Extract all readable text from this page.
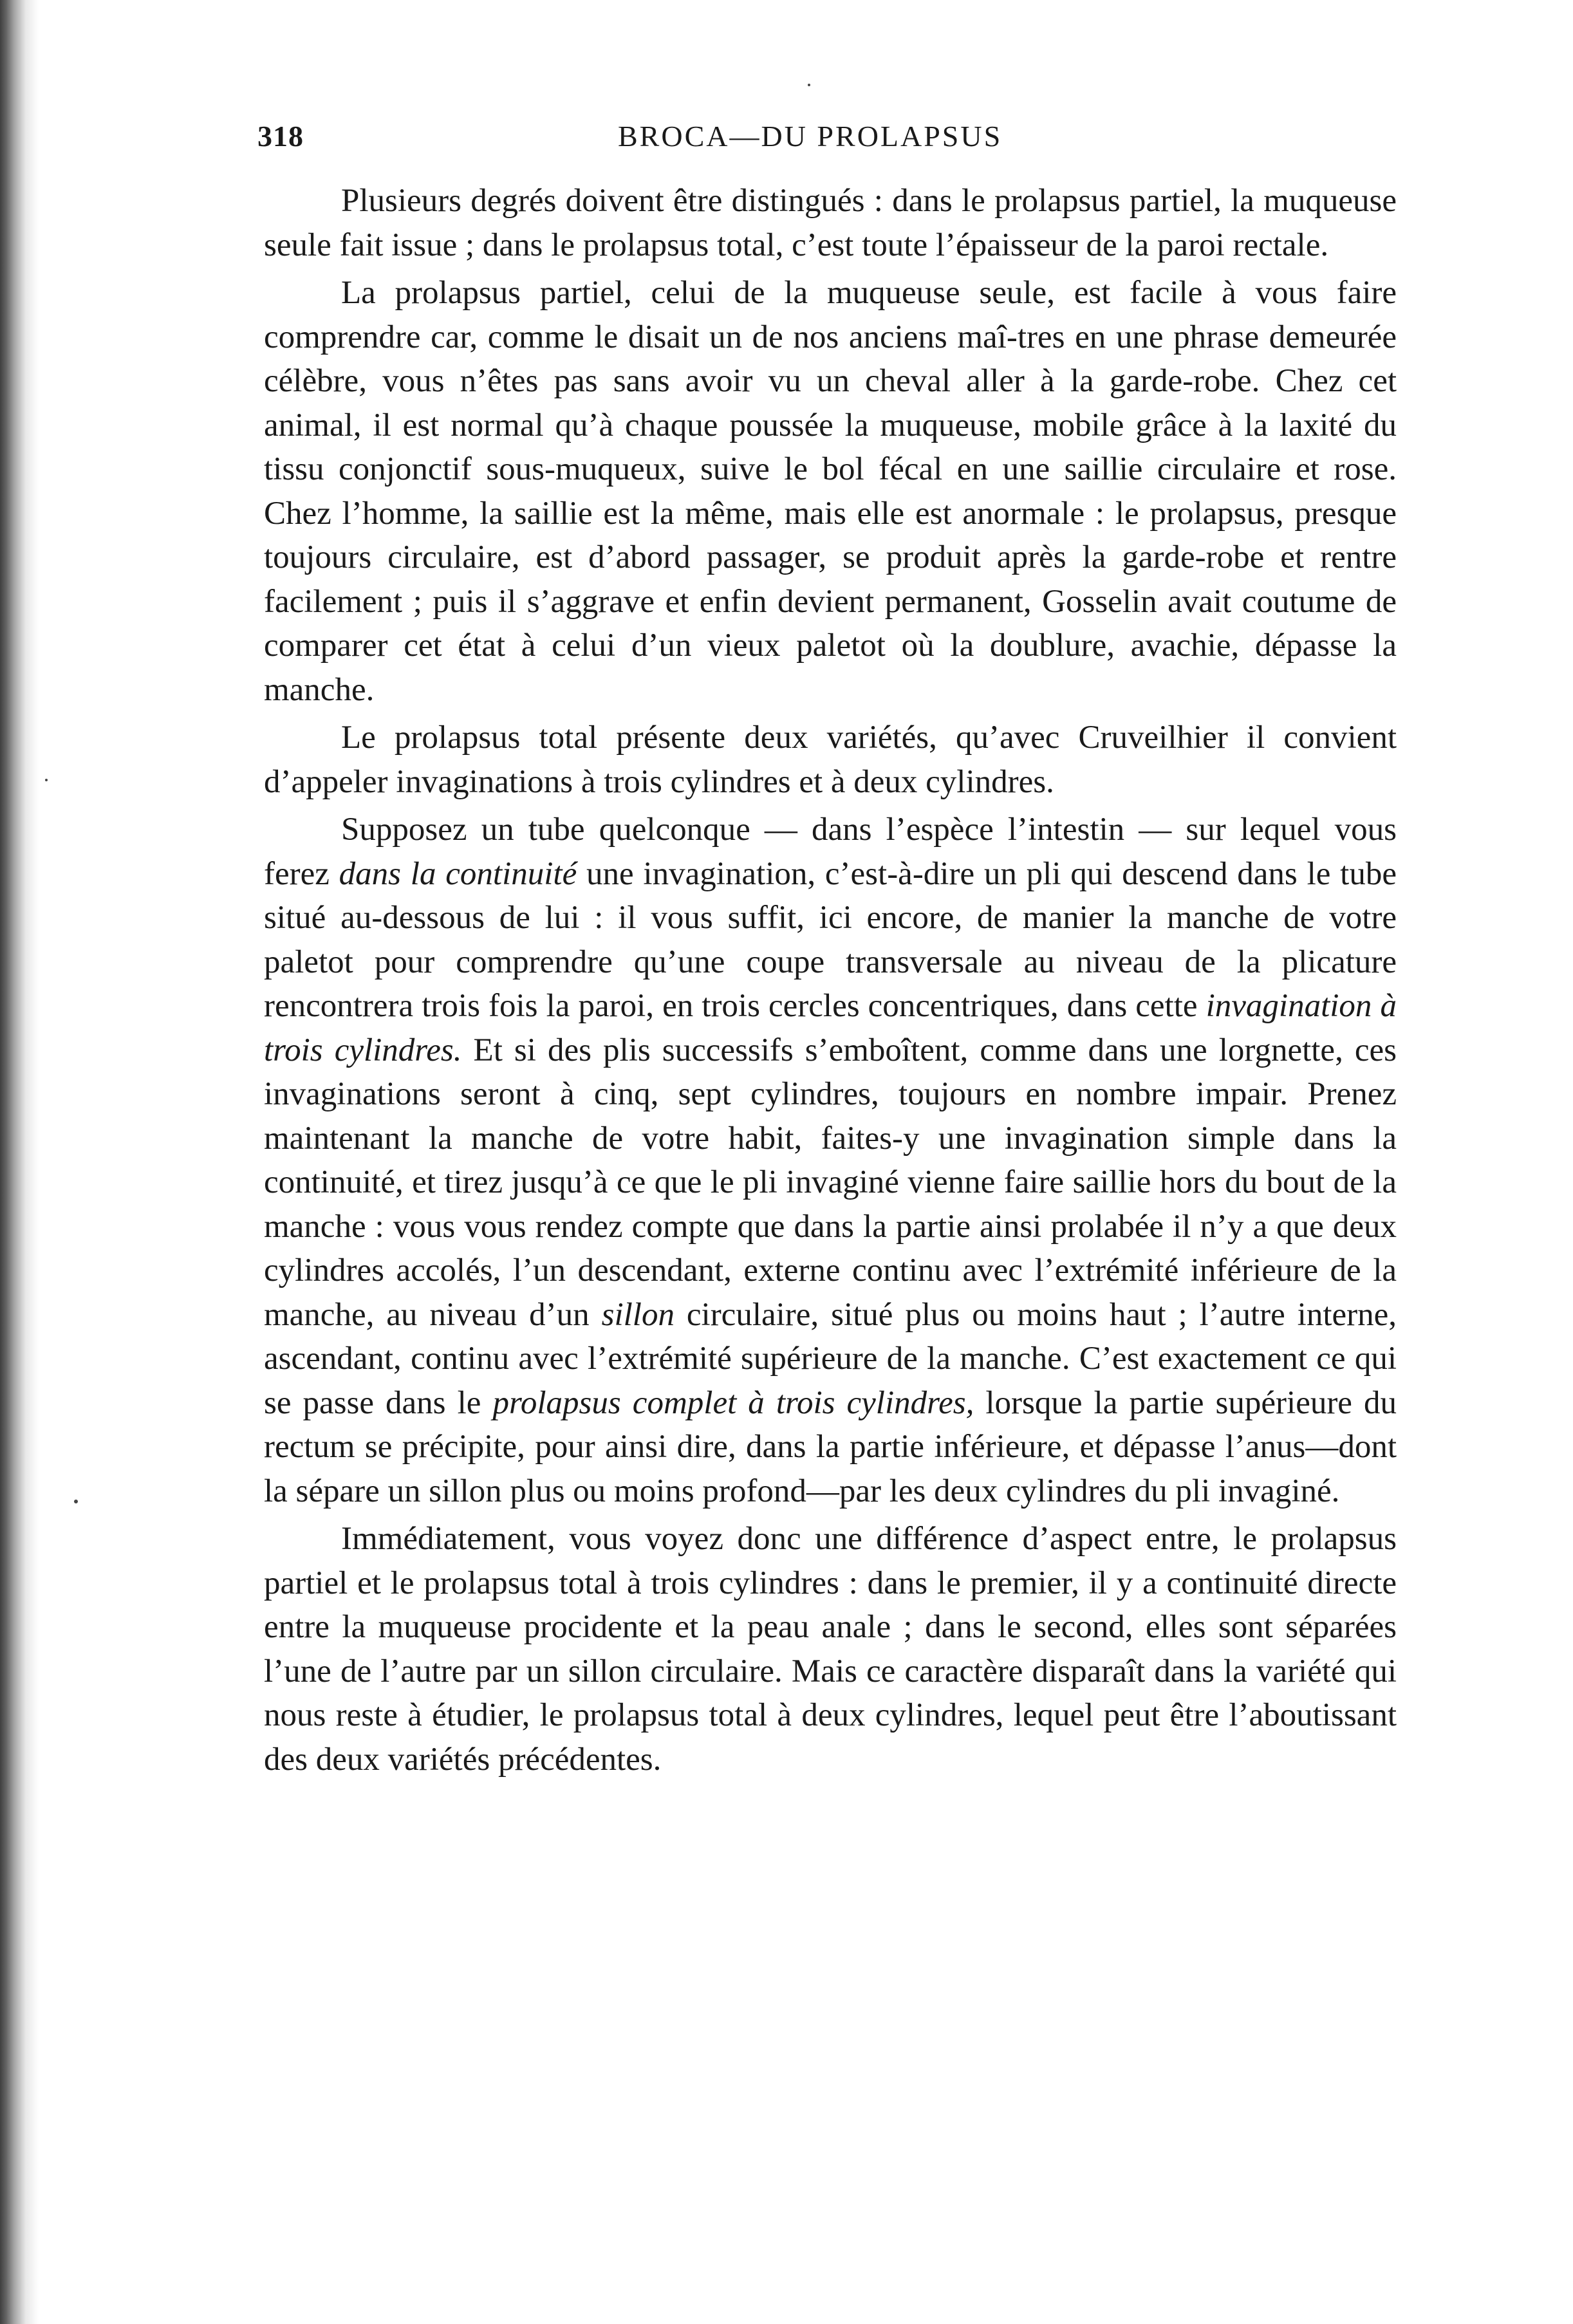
318	BROCA—DU PROLAPSUS

Plusieurs degrés doivent être distingués : dans le prolapsus partiel, la muqueuse seule fait issue ; dans le prolapsus total, c’est toute l’épaisseur de la paroi rectale.

La prolapsus partiel, celui de la muqueuse seule, est facile à vous faire comprendre car, comme le disait un de nos anciens maî-tres en une phrase demeurée célèbre, vous n’êtes pas sans avoir vu un cheval aller à la garde-robe. Chez cet animal, il est normal qu’à chaque poussée la muqueuse, mobile grâce à la laxité du tissu conjonctif sous-muqueux, suive le bol fécal en une saillie circulaire et rose. Chez l’homme, la saillie est la même, mais elle est anormale : le prolapsus, presque toujours circulaire, est d’abord passager, se produit après la garde-robe et rentre facilement ; puis il s’aggrave et enfin devient permanent, Gosselin avait coutume de comparer cet état à celui d’un vieux paletot où la doublure, avachie, dépasse la manche.

Le prolapsus total présente deux variétés, qu’avec Cruveilhier il convient d’appeler invaginations à trois cylindres et à deux cylindres.

Supposez un tube quelconque — dans l’espèce l’intestin — sur lequel vous ferez dans la continuité une invagination, c’est-à-dire un pli qui descend dans le tube situé au-dessous de lui : il vous suffit, ici encore, de manier la manche de votre paletot pour comprendre qu’une coupe transversale au niveau de la plicature rencontrera trois fois la paroi, en trois cercles concentriques, dans cette invagination à trois cylindres. Et si des plis successifs s’emboîtent, comme dans une lorgnette, ces invaginations seront à cinq, sept cylindres, toujours en nombre impair. Prenez maintenant la manche de votre habit, faites-y une invagination simple dans la continuité, et tirez jusqu’à ce que le pli invaginé vienne faire saillie hors du bout de la manche : vous vous rendez compte que dans la partie ainsi prolabée il n’y a que deux cylindres accolés, l’un descendant, externe continu avec l’extrémité inférieure de la manche, au niveau d’un sillon circulaire, situé plus ou moins haut ; l’autre interne, ascendant, continu avec l’extrémité supérieure de la manche. C’est exactement ce qui se passe dans le prolapsus complet à trois cylindres, lorsque la partie supérieure du rectum se précipite, pour ainsi dire, dans la partie inférieure, et dépasse l’anus—dont la sépare un sillon plus ou moins profond—par les deux cylindres du pli invaginé.

Immédiatement, vous voyez donc une différence d’aspect entre, le prolapsus partiel et le prolapsus total à trois cylindres : dans le premier, il y a continuité directe entre la muqueuse procidente et la peau anale ; dans le second, elles sont séparées l’une de l’autre par un sillon circulaire. Mais ce caractère disparaît dans la variété qui nous reste à étudier, le prolapsus total à deux cylindres, lequel peut être l’aboutissant des deux variétés précédentes.
